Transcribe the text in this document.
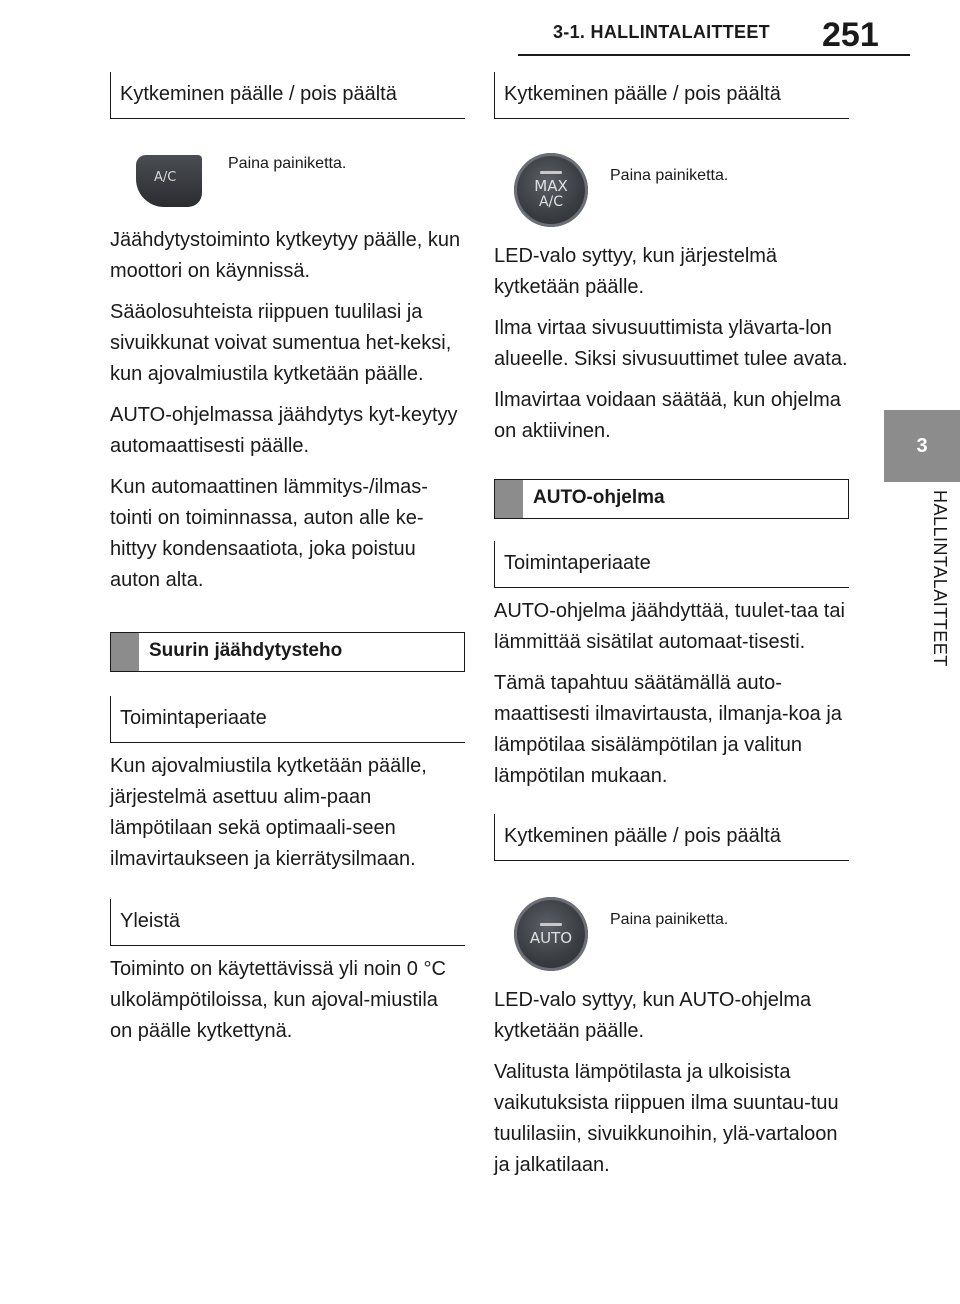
3-1. HALLINTALAITTEET 251
3
HALLINTALAITTEET
Kytkeminen päälle / pois päältä
A/C
Paina painiketta.

Jäähdytystoiminto kytkeytyy päälle, kun moottori on käynnissä.

Sääolosuhteista riippuen tuulilasi ja sivuikkunat voivat sumentua het-keksi, kun ajovalmiustila kytketään päälle.

AUTO-ohjelmassa jäähdytys kyt-keytyy automaattisesti päälle.

Kun automaattinen lämmitys-/ilmas-tointi on toiminnassa, auton alle ke-hittyy kondensaatiota, joka poistuu auton alta.

Suurin jäähdytysteho
Toimintaperiaate

Kun ajovalmiustila kytketään päälle, järjestelmä asettuu alim-paan lämpötilaan sekä optimaali-seen ilmavirtaukseen ja kierrätysilmaan.

Yleistä

Toiminto on käytettävissä yli noin 0 °C ulkolämpötiloissa, kun ajoval-miustila on päälle kytkettynä.

Kytkeminen päälle / pois päältä
MAX
A/C
Paina painiketta.

LED-valo syttyy, kun järjestelmä kytketään päälle.

Ilma virtaa sivusuuttimista ylävarta-lon alueelle. Siksi sivusuuttimet tulee avata.

Ilmavirtaa voidaan säätää, kun ohjelma on aktiivinen.

AUTO-ohjelma
Toimintaperiaate

AUTO-ohjelma jäähdyttää, tuulet-taa tai lämmittää sisätilat automaat-tisesti.

Tämä tapahtuu säätämällä auto-maattisesti ilmavirtausta, ilmanja-koa ja lämpötilaa sisälämpötilan ja valitun lämpötilan mukaan.

Kytkeminen päälle / pois päältä
AUTO
Paina painiketta.

LED-valo syttyy, kun AUTO-ohjelma kytketään päälle.

Valitusta lämpötilasta ja ulkoisista vaikutuksista riippuen ilma suuntau-tuu tuulilasiin, sivuikkunoihin, ylä-vartaloon ja jalkatilaan.
